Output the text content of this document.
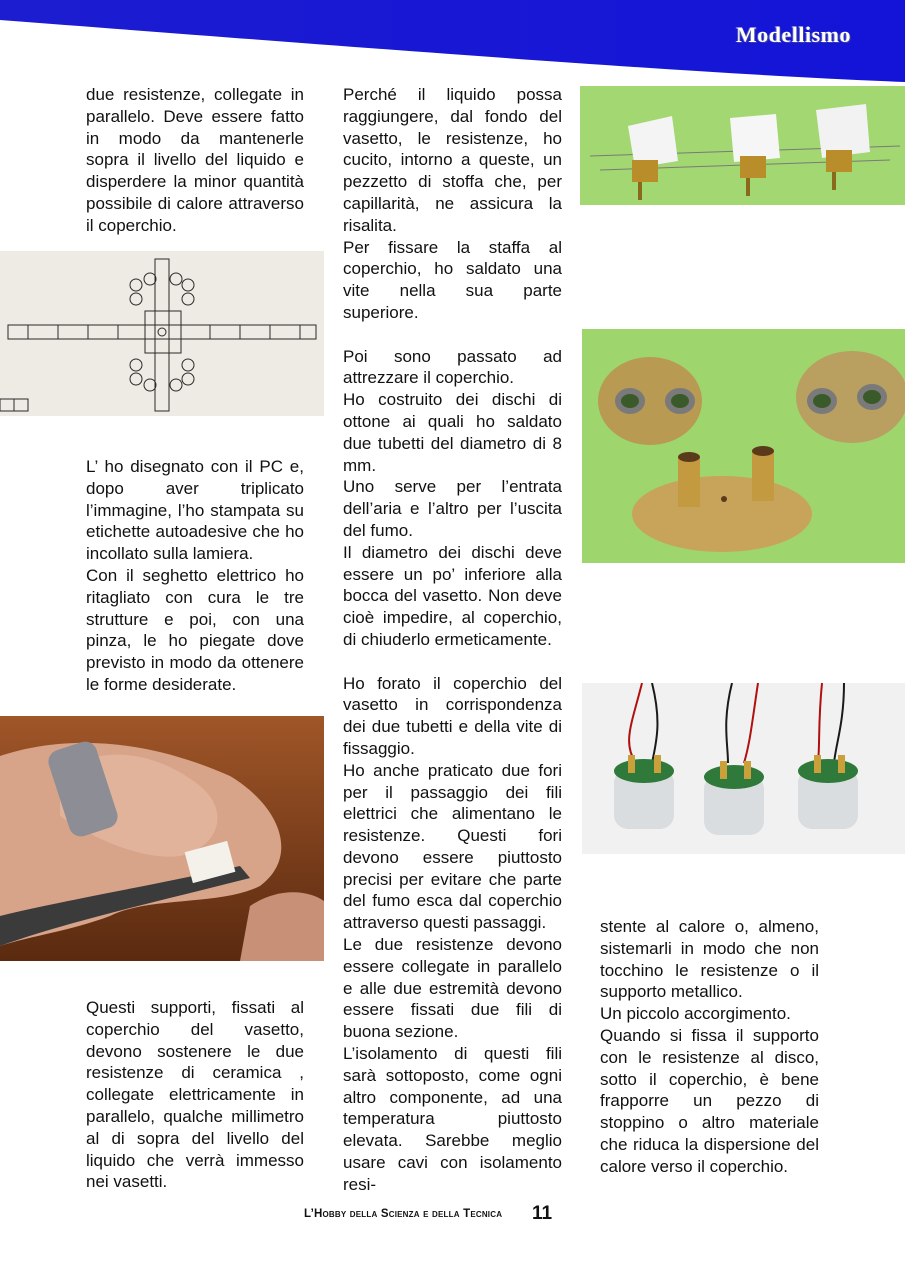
Modellismo

due resistenze, collegate in parallelo. Deve essere fatto in modo da mantenerle sopra il livello del liquido e disperdere la minor quantità possibile di calore attraverso il coperchio.

L’ ho disegnato con il PC e, dopo aver triplicato l’immagine, l’ho stampata su etichette autoadesive che ho incollato sulla lamiera.

Con il seghetto elettrico ho ritagliato con cura le tre strutture e poi, con una pinza, le ho piegate dove previsto in modo da ottenere le forme desiderate.

Questi supporti, fissati al coperchio del vasetto, devono sostenere le due resistenze di ceramica , collegate elettricamente in parallelo, qualche millimetro al di sopra del livello del liquido che verrà immesso nei vasetti.

Perché il liquido possa raggiungere, dal fondo del vasetto, le resistenze, ho cucito, intorno a queste, un pezzetto di stoffa che, per capillarità, ne assicura la risalita.

Per fissare la staffa al coperchio, ho saldato una vite nella sua parte superiore.

Poi sono passato ad attrezzare il coperchio.

Ho costruito dei dischi di ottone ai quali ho saldato due tubetti del diametro di 8 mm.

Uno serve per l’entrata dell’aria e l’altro per l’uscita del fumo.

Il diametro dei dischi deve essere un po’ inferiore alla bocca del vasetto. Non deve cioè impedire, al coperchio, di chiuderlo ermeticamente.

Ho forato il coperchio del vasetto in corrispondenza dei due tubetti e della vite di fissaggio.

Ho anche praticato due fori per il passaggio dei fili elettrici che alimentano le resistenze. Questi fori devono essere piuttosto precisi per evitare che parte del fumo esca dal coperchio attraverso questi passaggi.

Le due resistenze devono essere collegate in parallelo e alle due estremità devono essere fissati due fili di buona sezione.

L’isolamento di questi fili sarà sottoposto, come ogni altro componente, ad una temperatura piuttosto elevata. Sarebbe meglio usare cavi con isolamento resi-

stente al calore o, almeno, sistemarli in modo che non tocchino le resistenze o il supporto metallico.

Un piccolo accorgimento.

Quando si fissa il supporto con le resistenze al disco, sotto il coperchio, è bene frapporre un pezzo di stoppino o altro materiale che riduca la dispersione del calore verso il coperchio.

L’Hobby della Scienza e della Tecnica 11
